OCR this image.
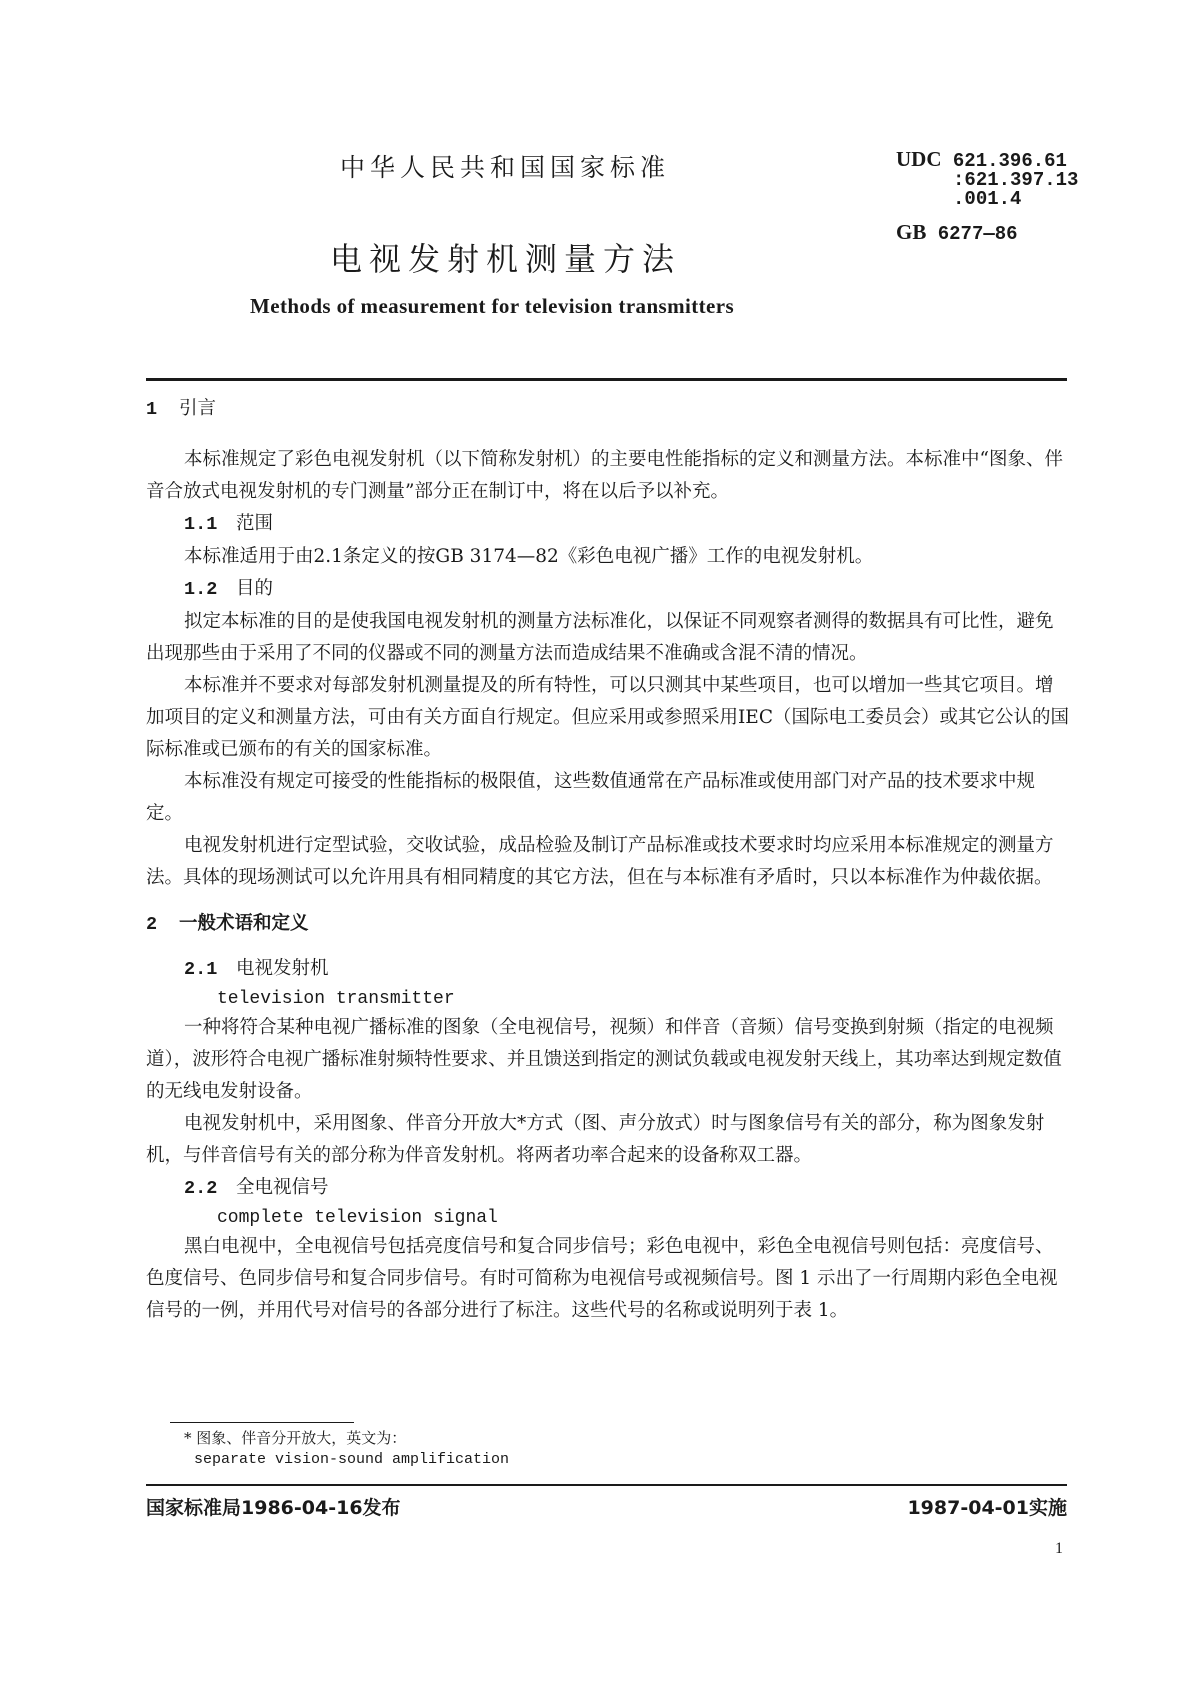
中华人民共和国国家标准	UDC 621.396.61
:621.397.13
.001.4
GB 6277—86
电视发射机测量方法
Methods of measurement for television transmitters

1 引言

本标准规定了彩色电视发射机（以下简称发射机）的主要电性能指标的定义和测量方法。本标准中“图象、伴音合放式电视发射机的专门测量”部分正在制订中，将在以后予以补充。

1.1 范围

本标准适用于由2.1条定义的按GB 3174—82《彩色电视广播》工作的电视发射机。

1.2 目的

拟定本标准的目的是使我国电视发射机的测量方法标准化，以保证不同观察者测得的数据具有可比性，避免出现那些由于采用了不同的仪器或不同的测量方法而造成结果不准确或含混不清的情况。

本标准并不要求对每部发射机测量提及的所有特性，可以只测其中某些项目，也可以增加一些其它项目。增加项目的定义和测量方法，可由有关方面自行规定。但应采用或参照采用IEC（国际电工委员会）或其它公认的国际标准或已颁布的有关的国家标准。

本标准没有规定可接受的性能指标的极限值，这些数值通常在产品标准或使用部门对产品的技术要求中规定。

电视发射机进行定型试验，交收试验，成品检验及制订产品标准或技术要求时均应采用本标准规定的测量方法。具体的现场测试可以允许用具有相同精度的其它方法，但在与本标准有矛盾时，只以本标准作为仲裁依据。

2 一般术语和定义

2.1 电视发射机

television transmitter

一种将符合某种电视广播标准的图象（全电视信号，视频）和伴音（音频）信号变换到射频（指定的电视频道），波形符合电视广播标准射频特性要求、并且馈送到指定的测试负载或电视发射天线上，其功率达到规定数值的无线电发射设备。

电视发射机中，采用图象、伴音分开放大*方式（图、声分放式）时与图象信号有关的部分，称为图象发射机，与伴音信号有关的部分称为伴音发射机。将两者功率合起来的设备称双工器。

2.2 全电视信号

complete television signal

黑白电视中，全电视信号包括亮度信号和复合同步信号；彩色电视中，彩色全电视信号则包括：亮度信号、色度信号、色同步信号和复合同步信号。有时可简称为电视信号或视频信号。图 1 示出了一行周期内彩色全电视信号的一例，并用代号对信号的各部分进行了标注。这些代号的名称或说明列于表 1。

* 图象、伴音分开放大，英文为：
separate vision-sound amplification
国家标准局1986-04-16发布	1987-04-01实施
1
